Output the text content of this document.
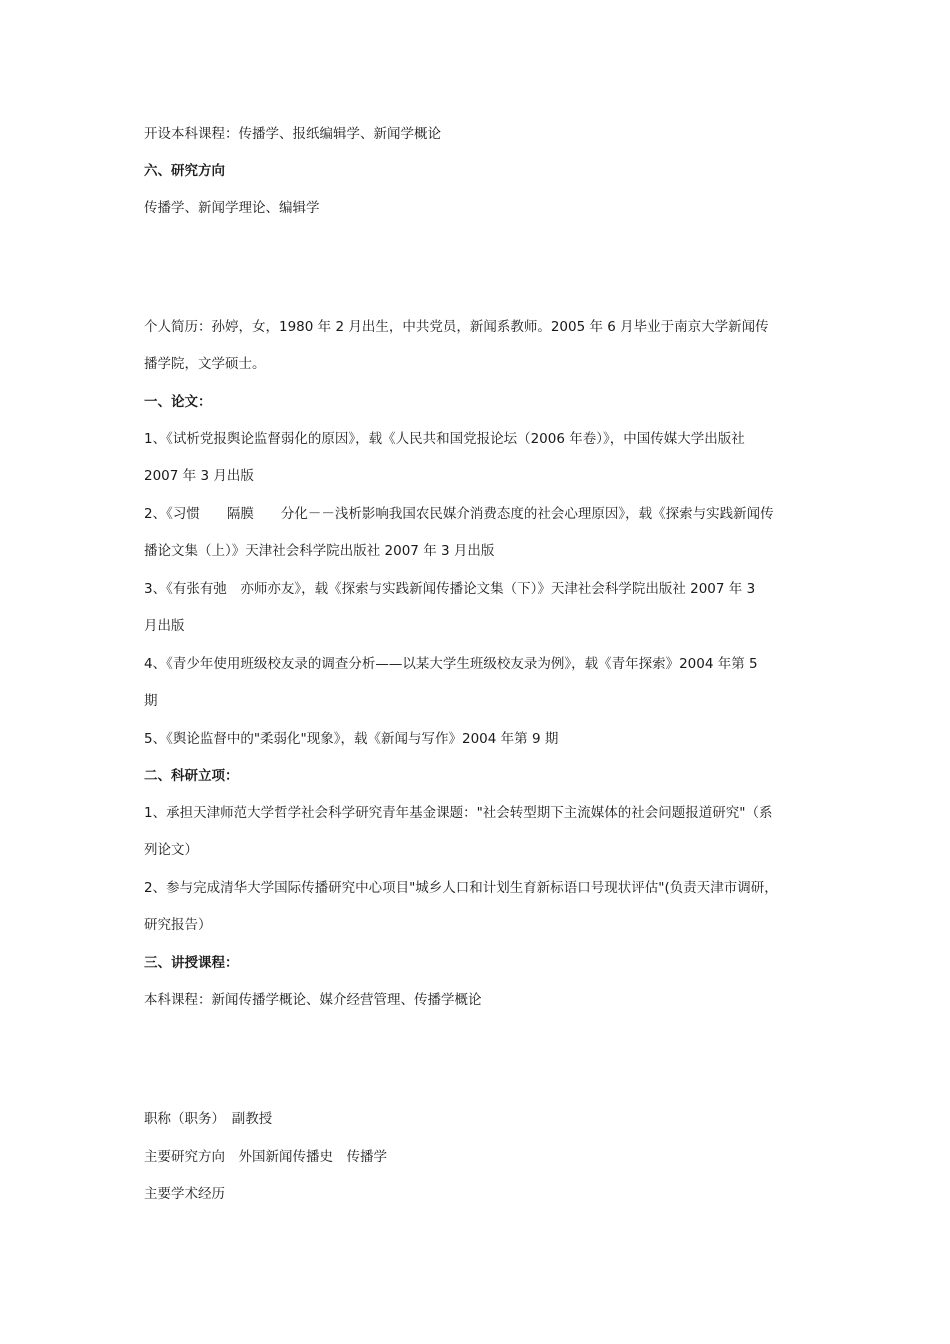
开设本科课程：传播学、报纸编辑学、新闻学概论
六、研究方向
传播学、新闻学理论、编辑学
个人简历：孙婷，女，1980 年 2 月出生，中共党员，新闻系教师。2005 年 6 月毕业于南京大学新闻传
播学院，文学硕士。
一、论文：
1、《试析党报舆论监督弱化的原因》，载《人民共和国党报论坛（2006 年卷）》，中国传媒大学出版社
2007 年 3 月出版
2、《习惯　　隔膜　　分化－－浅析影响我国农民媒介消费态度的社会心理原因》，载《探索与实践新闻传
播论文集（上）》天津社会科学院出版社 2007 年 3 月出版
3、《有张有弛　亦师亦友》，载《探索与实践新闻传播论文集（下）》天津社会科学院出版社 2007 年 3
月出版
4、《青少年使用班级校友录的调查分析——以某大学生班级校友录为例》，载《青年探索》2004 年第 5
期
5、《舆论监督中的"柔弱化"现象》，载《新闻与写作》2004 年第 9 期
二、科研立项：
1、承担天津师范大学哲学社会科学研究青年基金课题："社会转型期下主流媒体的社会问题报道研究"（系
列论文）
2、参与完成清华大学国际传播研究中心项目"城乡人口和计划生育新标语口号现状评估"(负责天津市调研，
研究报告）
三、讲授课程：
本科课程：新闻传播学概论、媒介经营管理、传播学概论
职称（职务）　副教授
主要研究方向　外国新闻传播史　传播学
主要学术经历
